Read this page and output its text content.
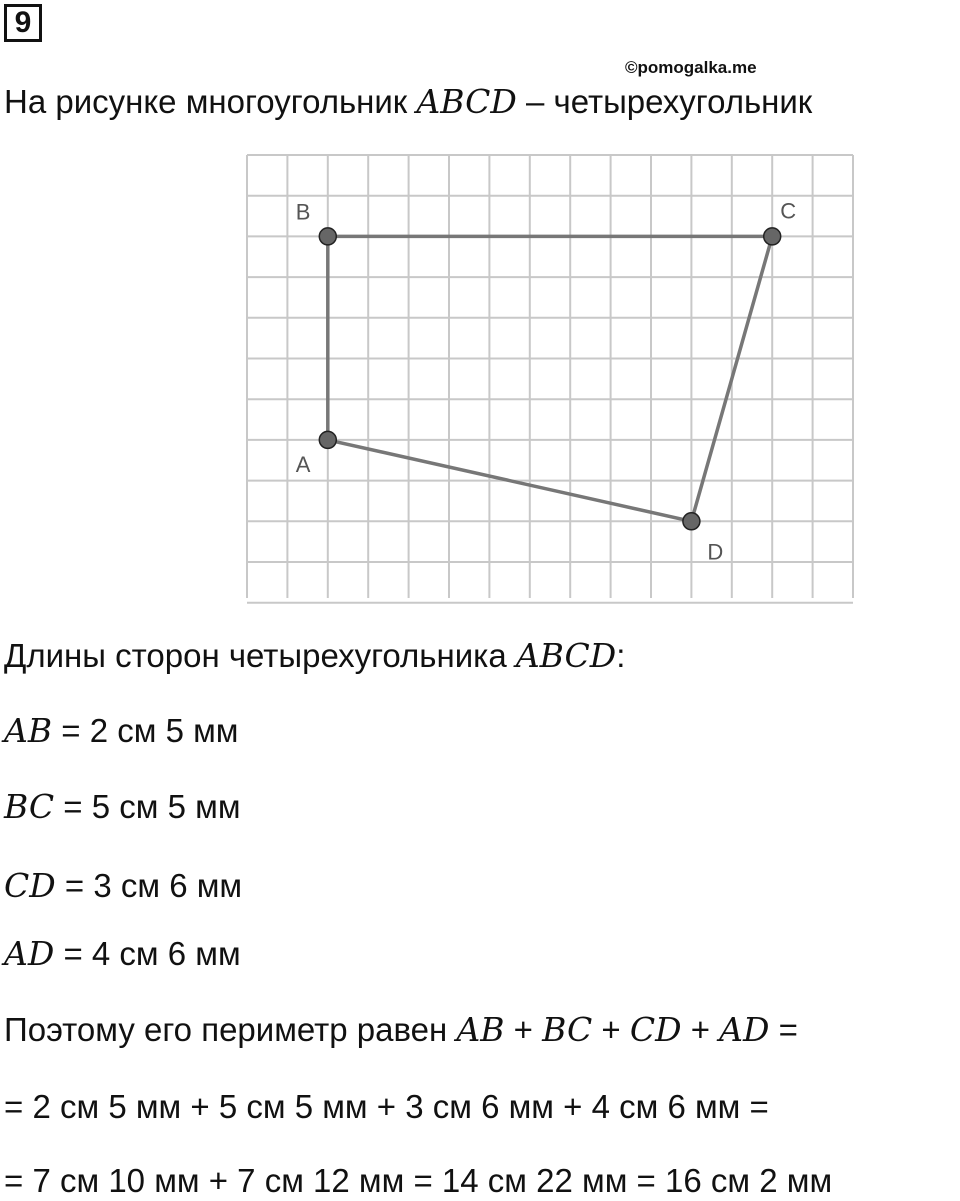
9
©pomogalka.me
На рисунке многоугольник ABCD – четырехугольник
A
B	C
D
Длины сторон четырехугольника ABCD:
AB = 2 см 5 мм
BC = 5 см 5 мм
CD = 3 см 6 мм
AD = 4 см 6 мм
Поэтому его периметр равен AB + BC + CD + AD =
= 2 см 5 мм + 5 см 5 мм + 3 см 6 мм + 4 см 6 мм =
= 7 см 10 мм + 7 см 12 мм = 14 см 22 мм = 16 см 2 мм
